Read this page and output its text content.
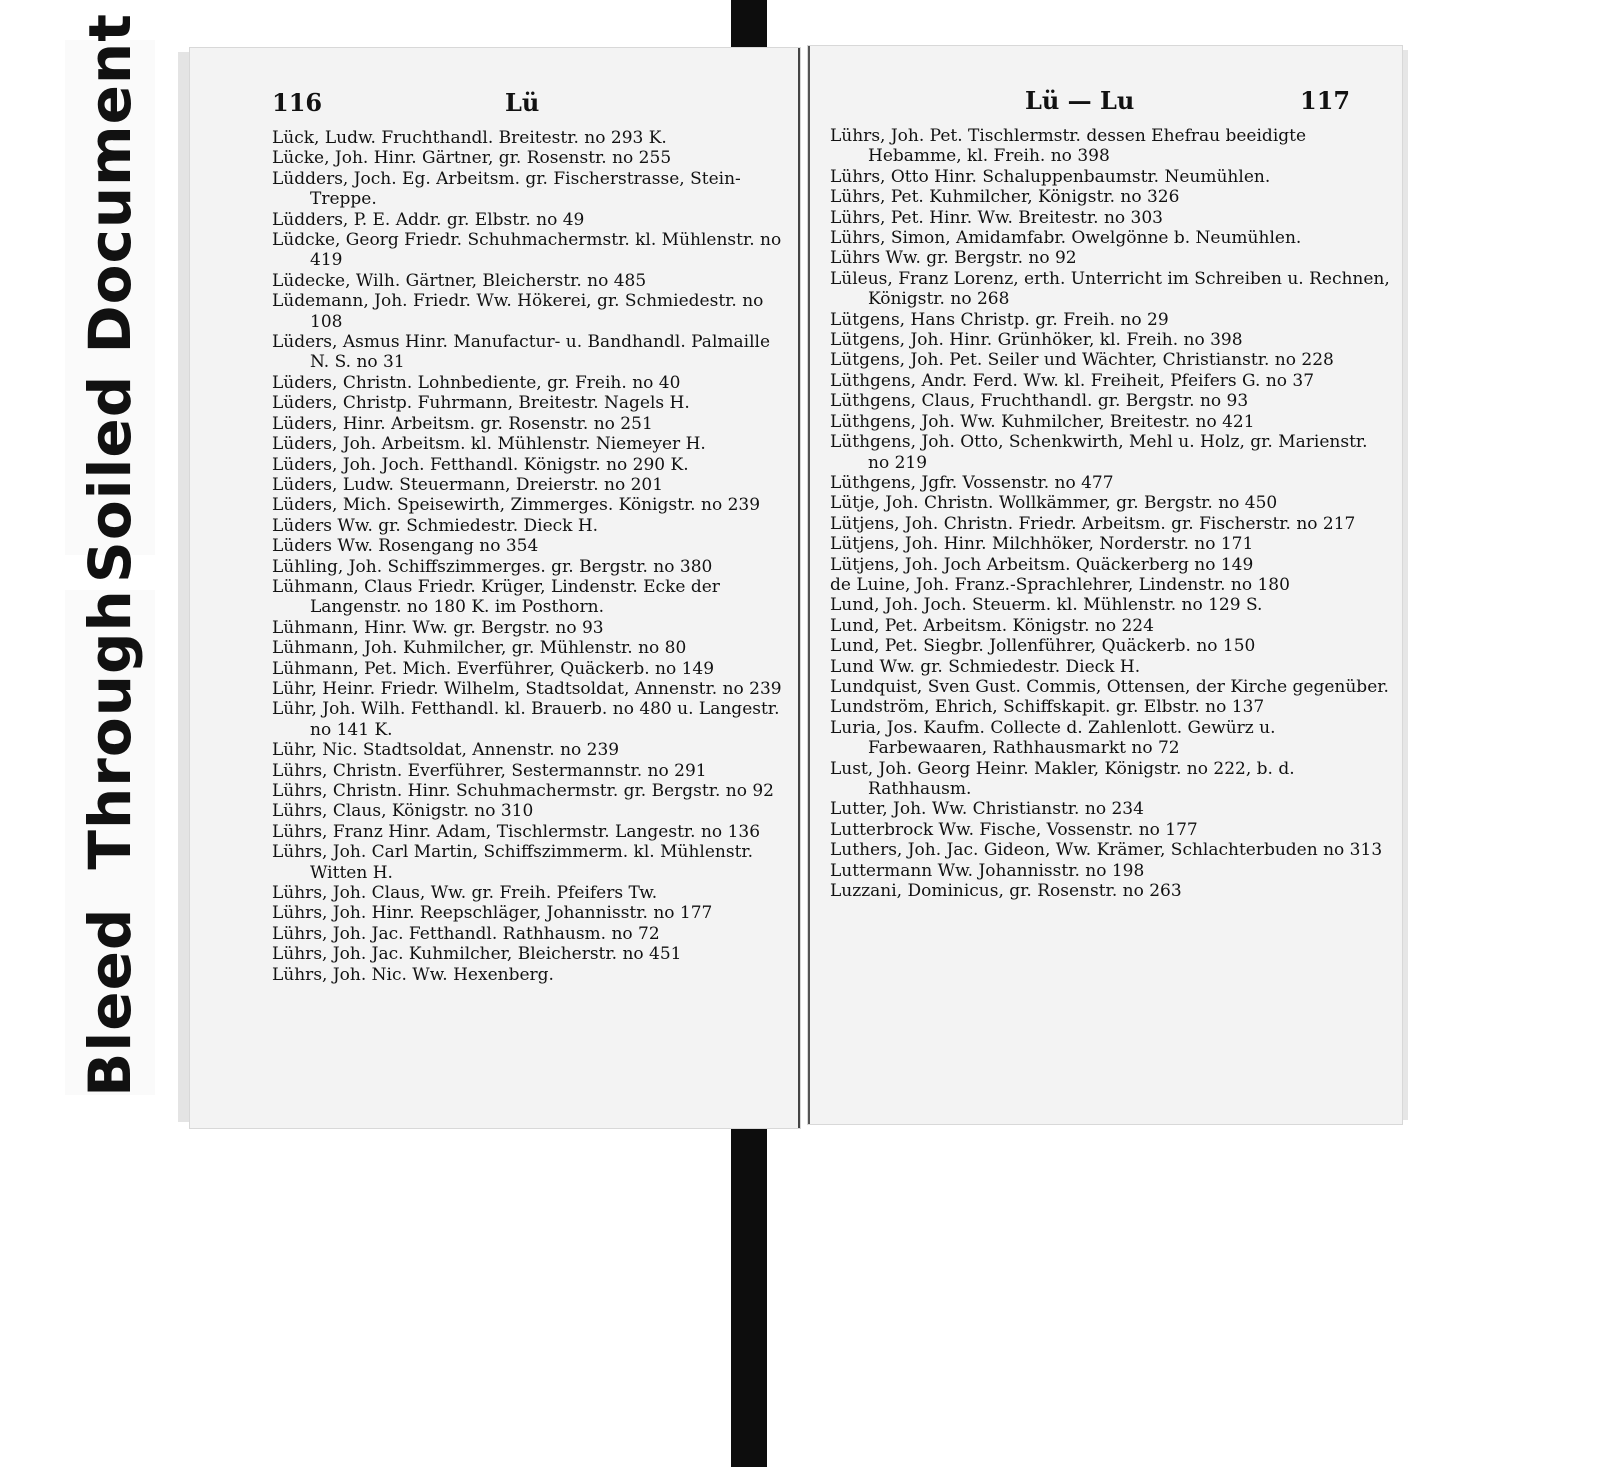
Soiled Document
BleedThrough
116	Lü

Lück, Ludw. Fruchthandl. Breitestr. no 293 K.

Lücke, Joh. Hinr. Gärtner, gr. Rosenstr. no 255

Lüdders, Joch. Eg. Arbeitsm. gr. Fischerstrasse, Stein-Treppe.

Lüdders, P. E. Addr. gr. Elbstr. no 49

Lüdcke, Georg Friedr. Schuhmachermstr. kl. Mühlenstr. no 419

Lüdecke, Wilh. Gärtner, Bleicherstr. no 485

Lüdemann, Joh. Friedr. Ww. Hökerei, gr. Schmiedestr. no 108

Lüders, Asmus Hinr. Manufactur- u. Bandhandl. Palmaille N. S. no 31

Lüders, Christn. Lohnbediente, gr. Freih. no 40

Lüders, Christp. Fuhrmann, Breitestr. Nagels H.

Lüders, Hinr. Arbeitsm. gr. Rosenstr. no 251

Lüders, Joh. Arbeitsm. kl. Mühlenstr. Niemeyer H.

Lüders, Joh. Joch. Fetthandl. Königstr. no 290 K.

Lüders, Ludw. Steuermann, Dreierstr. no 201

Lüders, Mich. Speisewirth, Zimmerges. Königstr. no 239

Lüders Ww. gr. Schmiedestr. Dieck H.

Lüders Ww. Rosengang no 354

Lühling, Joh. Schiffszimmerges. gr. Bergstr. no 380

Lühmann, Claus Friedr. Krüger, Lindenstr. Ecke der Langenstr. no 180 K. im Posthorn.

Lühmann, Hinr. Ww. gr. Bergstr. no 93

Lühmann, Joh. Kuhmilcher, gr. Mühlenstr. no 80

Lühmann, Pet. Mich. Everführer, Quäckerb. no 149

Lühr, Heinr. Friedr. Wilhelm, Stadtsoldat, Annenstr. no 239

Lühr, Joh. Wilh. Fetthandl. kl. Brauerb. no 480 u. Langestr. no 141 K.

Lühr, Nic. Stadtsoldat, Annenstr. no 239

Lührs, Christn. Everführer, Sestermannstr. no 291

Lührs, Christn. Hinr. Schuhmachermstr. gr. Bergstr. no 92

Lührs, Claus, Königstr. no 310

Lührs, Franz Hinr. Adam, Tischlermstr. Langestr. no 136

Lührs, Joh. Carl Martin, Schiffszimmerm. kl. Mühlenstr. Witten H.

Lührs, Joh. Claus, Ww. gr. Freih. Pfeifers Tw.

Lührs, Joh. Hinr. Reepschläger, Johannisstr. no 177

Lührs, Joh. Jac. Fetthandl. Rathhausm. no 72

Lührs, Joh. Jac. Kuhmilcher, Bleicherstr. no 451

Lührs, Joh. Nic. Ww. Hexenberg.

Lü — Lu	117

Lührs, Joh. Pet. Tischlermstr. dessen Ehefrau beeidigte Hebamme, kl. Freih. no 398

Lührs, Otto Hinr. Schaluppenbaumstr. Neumühlen.

Lührs, Pet. Kuhmilcher, Königstr. no 326

Lührs, Pet. Hinr. Ww. Breitestr. no 303

Lührs, Simon, Amidamfabr. Owelgönne b. Neumühlen.

Lührs Ww. gr. Bergstr. no 92

Lüleus, Franz Lorenz, erth. Unterricht im Schreiben u. Rechnen, Königstr. no 268

Lütgens, Hans Christp. gr. Freih. no 29

Lütgens, Joh. Hinr. Grünhöker, kl. Freih. no 398

Lütgens, Joh. Pet. Seiler und Wächter, Christianstr. no 228

Lüthgens, Andr. Ferd. Ww. kl. Freiheit, Pfeifers G. no 37

Lüthgens, Claus, Fruchthandl. gr. Bergstr. no 93

Lüthgens, Joh. Ww. Kuhmilcher, Breitestr. no 421

Lüthgens, Joh. Otto, Schenkwirth, Mehl u. Holz, gr. Marienstr. no 219

Lüthgens, Jgfr. Vossenstr. no 477

Lütje, Joh. Christn. Wollkämmer, gr. Bergstr. no 450

Lütjens, Joh. Christn. Friedr. Arbeitsm. gr. Fischerstr. no 217

Lütjens, Joh. Hinr. Milchhöker, Norderstr. no 171

Lütjens, Joh. Joch Arbeitsm. Quäckerberg no 149

de Luine, Joh. Franz.-Sprachlehrer, Lindenstr. no 180

Lund, Joh. Joch. Steuerm. kl. Mühlenstr. no 129 S.

Lund, Pet. Arbeitsm. Königstr. no 224

Lund, Pet. Siegbr. Jollenführer, Quäckerb. no 150

Lund Ww. gr. Schmiedestr. Dieck H.

Lundquist, Sven Gust. Commis, Ottensen, der Kirche gegenüber.

Lundström, Ehrich, Schiffskapit. gr. Elbstr. no 137

Luria, Jos. Kaufm. Collecte d. Zahlenlott. Gewürz u. Farbewaaren, Rathhausmarkt no 72

Lust, Joh. Georg Heinr. Makler, Königstr. no 222, b. d. Rathhausm.

Lutter, Joh. Ww. Christianstr. no 234

Lutterbrock Ww. Fische, Vossenstr. no 177

Luthers, Joh. Jac. Gideon, Ww. Krämer, Schlachterbuden no 313

Luttermann Ww. Johannisstr. no 198

Luzzani, Dominicus, gr. Rosenstr. no 263
